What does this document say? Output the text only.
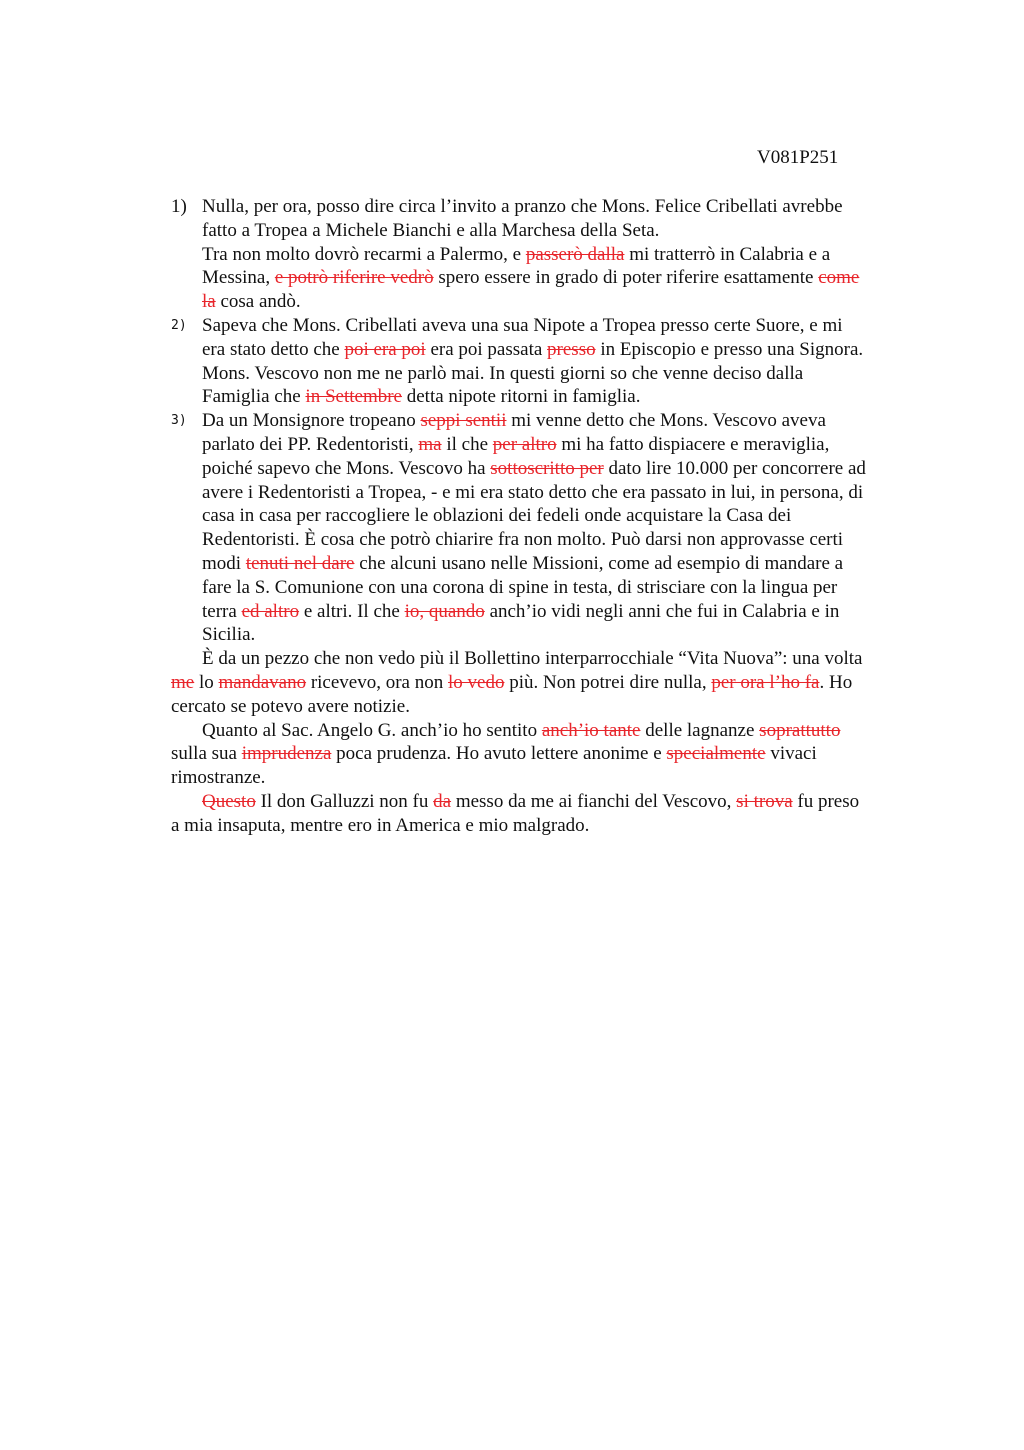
V081P251
1) Nulla, per ora, posso dire circa l’invito a pranzo che Mons. Felice Cribellati avrebbe
fatto a Tropea a Michele Bianchi e alla Marchesa della Seta.
Tra non molto dovrò recarmi a Palermo, e passerò dalla mi tratterrò in Calabria e a
Messina, e potrò riferire vedrò spero essere in grado di poter riferire esattamente come
la cosa andò.
2) Sapeva che Mons. Cribellati aveva una sua Nipote a Tropea presso certe Suore, e mi
era stato detto che poi era poi era poi passata presso in Episcopio e presso una Signora.
Mons. Vescovo non me ne parlò mai. In questi giorni so che venne deciso dalla
Famiglia che in Settembre detta nipote ritorni in famiglia.
3) Da un Monsignore tropeano seppi sentii mi venne detto che Mons. Vescovo aveva
parlato dei PP. Redentoristi, ma il che per altro mi ha fatto dispiacere e meraviglia,
poiché sapevo che Mons. Vescovo ha sottoscritto per dato lire 10.000 per concorrere ad
avere i Redentoristi a Tropea, - e mi era stato detto che era passato in lui, in persona, di
casa in casa per raccogliere le oblazioni dei fedeli onde acquistare la Casa dei
Redentoristi. È cosa che potrò chiarire fra non molto. Può darsi non approvasse certi
modi tenuti nel dare che alcuni usano nelle Missioni, come ad esempio di mandare a
fare la S. Comunione con una corona di spine in testa, di strisciare con la lingua per
terra ed altro e altri. Il che io, quando anch’io vidi negli anni che fui in Calabria e in
Sicilia.
È da un pezzo che non vedo più il Bollettino interparrocchiale “Vita Nuova”: una volta
me lo mandavano ricevevo, ora non lo vedo più. Non potrei dire nulla, per ora l’ho fa. Ho
cercato se potevo avere notizie.
Quanto al Sac. Angelo G. anch’io ho sentito anch’io tante delle lagnanze soprattutto
sulla sua imprudenza poca prudenza. Ho avuto lettere anonime e specialmente vivaci
rimostranze.
Questo Il don Galluzzi non fu da messo da me ai fianchi del Vescovo, si trova fu preso
a mia insaputa, mentre ero in America e mio malgrado.
